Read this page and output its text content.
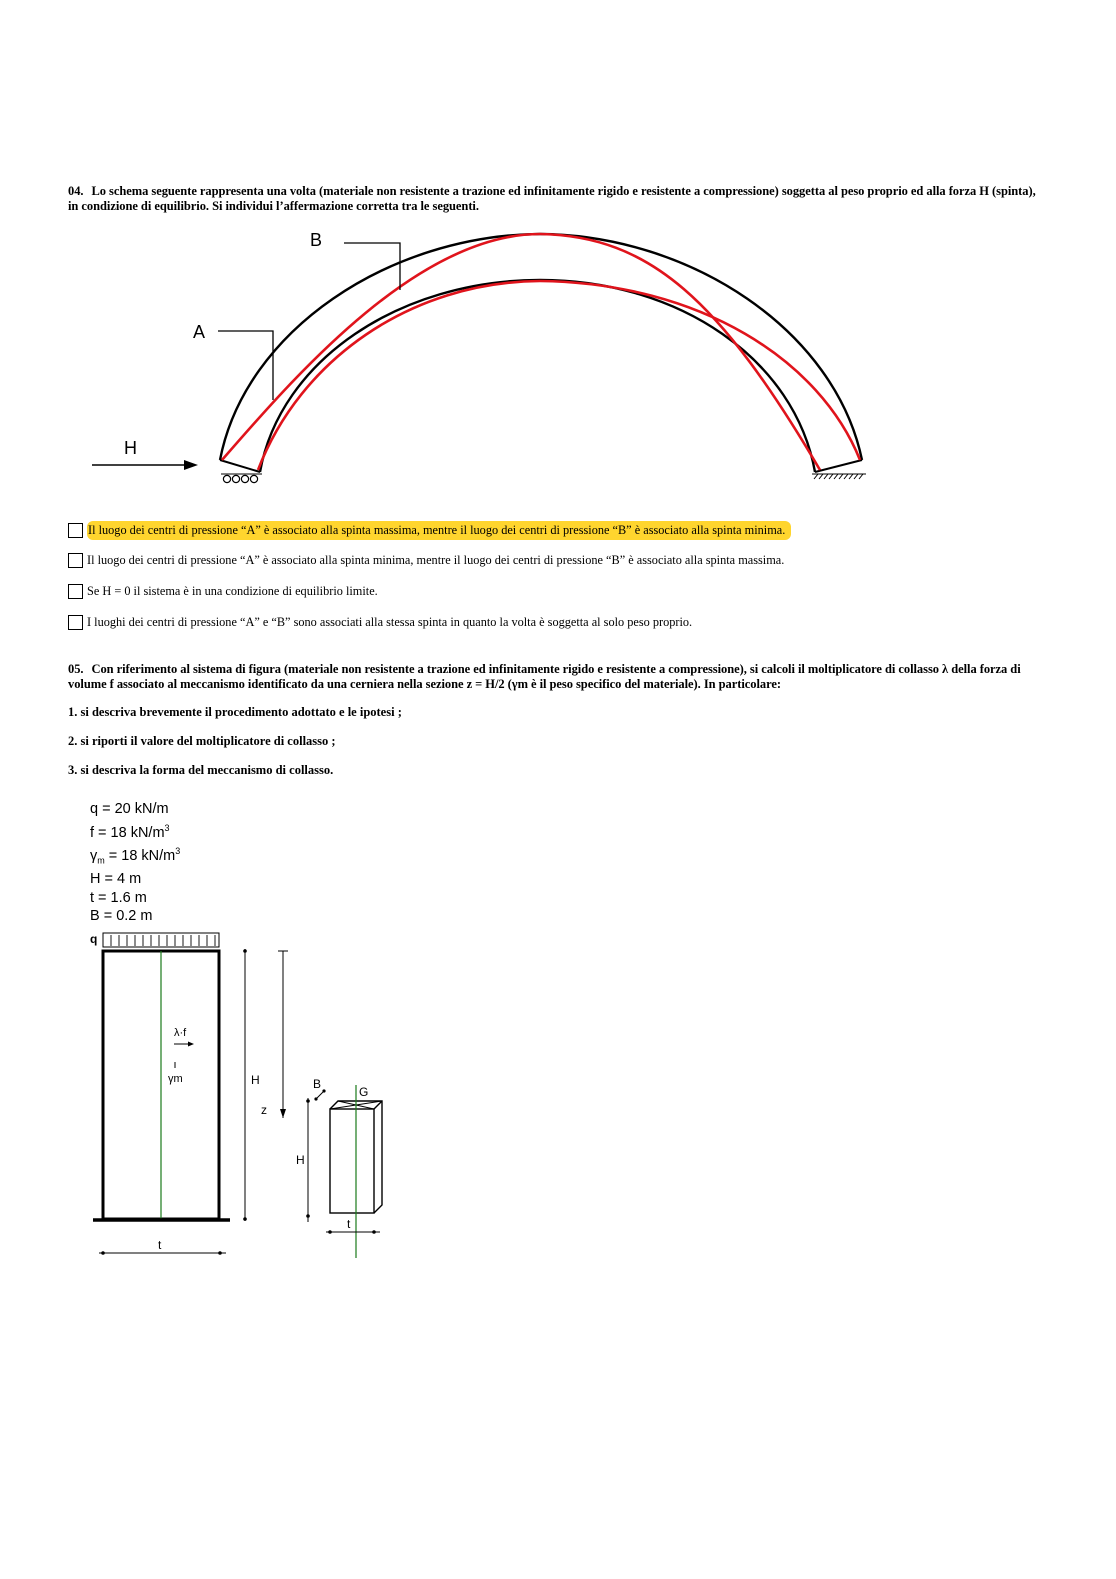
04. Lo schema seguente rappresenta una volta (materiale non resistente a trazione ed infinitamente rigido e resistente a compressione) soggetta al peso proprio ed alla forza H (spinta), in condizione di equilibrio. Si individui l’affermazione corretta tra le seguenti.
B
A
H
Il luogo dei centri di pressione “A” è associato alla spinta massima, mentre il luogo dei centri di pressione “B” è associato alla spinta minima.
Il luogo dei centri di pressione “A” è associato alla spinta minima, mentre il luogo dei centri di pressione “B” è associato alla spinta massima.
Se H = 0 il sistema è in una condizione di equilibrio limite.
I luoghi dei centri di pressione “A” e “B” sono associati alla stessa spinta in quanto la volta è soggetta al solo peso proprio.
05. Con riferimento al sistema di figura (materiale non resistente a trazione ed infinitamente rigido e resistente a compressione), si calcoli il moltiplicatore di collasso λ della forza di volume f associato al meccanismo identificato da una cerniera nella sezione z = H/2 (γm è il peso specifico del materiale). In particolare:
1. si descriva brevemente il procedimento adottato e le ipotesi ;
2. si riporti il valore del moltiplicatore di collasso ;
3. si descriva la forma del meccanismo di collasso.
q = 20 kN/m
f = 18 $kN/m^3$
$\gamma_m = 18$ $kN/m^3$
H = 4 m
t = 1.6 m
B = 0.2 m
q
λ·f
γm	H
z
t
G
B
H
t
